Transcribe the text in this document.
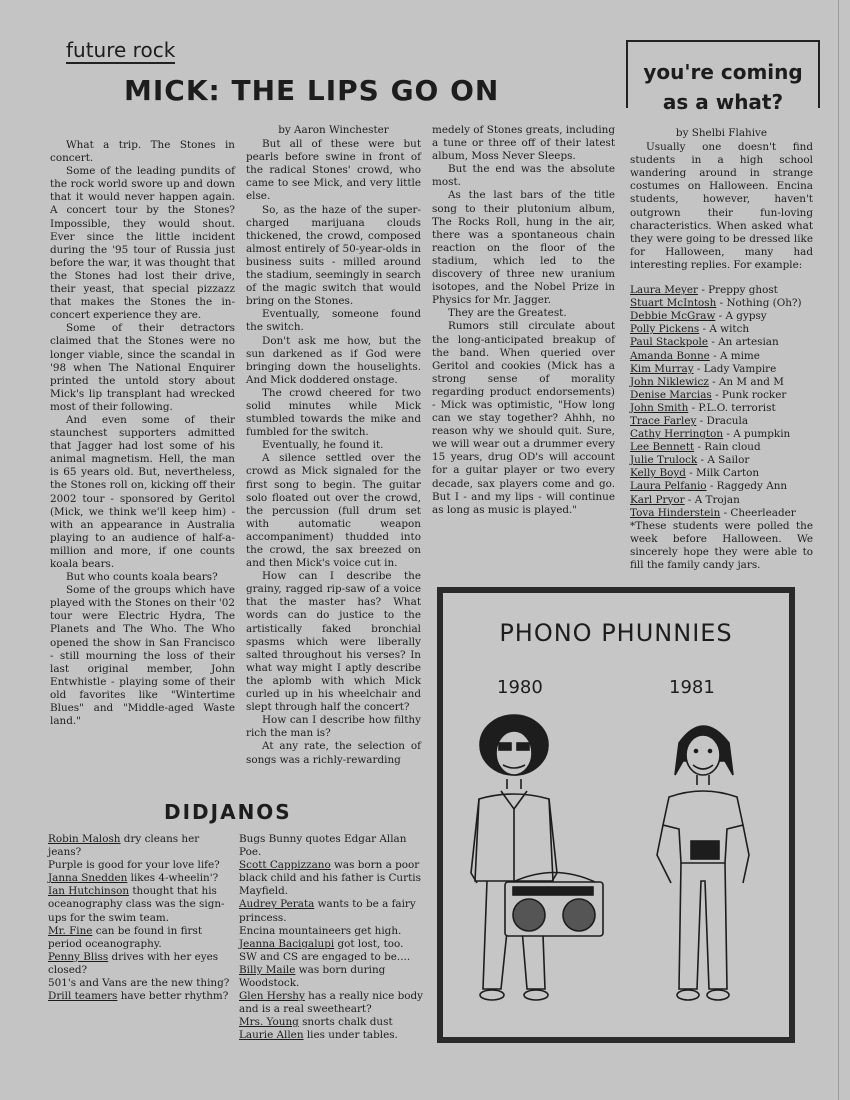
future rock
MICK: THE LIPS GO ON
you're coming
as a what?

What a trip. The Stones in concert.

Some of the leading pundits of the rock world swore up and down that it would never happen again. A concert tour by the Stones? Impossible, they would shout. Ever since the little incident during the '95 tour of Russia just before the war, it was thought that the Stones had lost their drive, their yeast, that special pizzazz that makes the Stones the in-concert experience they are.

Some of their detractors claimed that the Stones were no longer viable, since the scandal in '98 when The National Enquirer printed the untold story about Mick's lip transplant had wrecked most of their following.

And even some of their staunchest supporters admitted that Jagger had lost some of his animal magnetism. Hell, the man is 65 years old. But, nevertheless, the Stones roll on, kicking off their 2002 tour - sponsored by Geritol (Mick, we think we'll keep him) - with an appearance in Australia playing to an audience of half-a-million and more, if one counts koala bears.

But who counts koala bears?

Some of the groups which have played with the Stones on their '02 tour were Electric Hydra, The Planets and The Who. The Who opened the show in San Francisco - still mourning the loss of their last original member, John Entwhistle - playing some of their old favorites like "Wintertime Blues" and "Middle-aged Waste land."

by Aaron Winchester

But all of these were but pearls before swine in front of the radical Stones' crowd, who came to see Mick, and very little else.

So, as the haze of the super-charged marijuana clouds thickened, the crowd, composed almost entirely of 50-year-olds in business suits - milled around the stadium, seemingly in search of the magic switch that would bring on the Stones.

Eventually, someone found the switch.

Don't ask me how, but the sun darkened as if God were bringing down the houselights. And Mick doddered onstage.

The crowd cheered for two solid minutes while Mick stumbled towards the mike and fumbled for the switch.

Eventually, he found it.

A silence settled over the crowd as Mick signaled for the first song to begin. The guitar solo floated out over the crowd, the percussion (full drum set with automatic weapon accompaniment) thudded into the crowd, the sax breezed on and then Mick's voice cut in.

How can I describe the grainy, ragged rip-saw of a voice that the master has? What words can do justice to the artistically faked bronchial spasms which were liberally salted throughout his verses? In what way might I aptly describe the aplomb with which Mick curled up in his wheelchair and slept through half the concert?

How can I describe how filthy rich the man is?

At any rate, the selection of songs was a richly-rewarding

medely of Stones greats, including a tune or three off of their latest album, Moss Never Sleeps.

But the end was the absolute most.

As the last bars of the title song to their plutonium album, The Rocks Roll, hung in the air, there was a spontaneous chain reaction on the floor of the stadium, which led to the discovery of three new uranium isotopes, and the Nobel Prize in Physics for Mr. Jagger.

They are the Greatest.

Rumors still circulate about the long-anticipated breakup of the band. When queried over Geritol and cookies (Mick has a strong sense of morality regarding product endorsements) - Mick was optimistic, "How long can we stay together? Ahhh, no reason why we should quit. Sure, we will wear out a drummer every 15 years, drug OD's will account for a guitar player or two every decade, sax players come and go. But I - and my lips - will continue as long as music is played."

by Shelbi Flahive

Usually one doesn't find students in a high school wandering around in strange costumes on Halloween. Encina students, however, haven't outgrown their fun-loving characteristics. When asked what they were going to be dressed like for Halloween, many had interesting replies. For example:

Laura Meyer - Preppy ghost
Stuart McIntosh - Nothing (Oh?)
Debbie McGraw - A gypsy
Polly Pickens - A witch
Paul Stackpole - An artesian
Amanda Bonne - A mime
Kim Murray - Lady Vampire
John Niklewicz - An M and M
Denise Marcias - Punk rocker
John Smith - P.L.O. terrorist
Trace Farley - Dracula
Cathy Herrington - A pumpkin
Lee Bennett - Rain cloud
Julie Trulock - A Sailor
Kelly Boyd - Milk Carton
Laura Pelfanio - Raggedy Ann
Karl Pryor - A Trojan
Tova Hinderstein - Cheerleader

*These students were polled the week before Halloween. We sincerely hope they were able to fill the family candy jars.

DIDJANOS
Robin Malosh dry cleans her jeans?
Purple is good for your love life?
Janna Snedden likes 4-wheelin'?
Ian Hutchinson thought that his oceanography class was the sign-ups for the swim team.
Mr. Fine can be found in first period oceanography.
Penny Bliss drives with her eyes closed?
501's and Vans are the new thing?
Drill teamers have better rhythm?
Bugs Bunny quotes Edgar Allan Poe.
Scott Cappizzano was born a poor black child and his father is Curtis Mayfield.
Audrey Perata wants to be a fairy princess.
Encina mountaineers get high.
Jeanna Bacigalupi got lost, too.
SW and CS are engaged to be....
Billy Maile was born during Woodstock.
Glen Hershy has a really nice body and is a real sweetheart?
Mrs. Young snorts chalk dust
Laurie Allen lies under tables.
PHONO PHUNNIES
1980	1981
